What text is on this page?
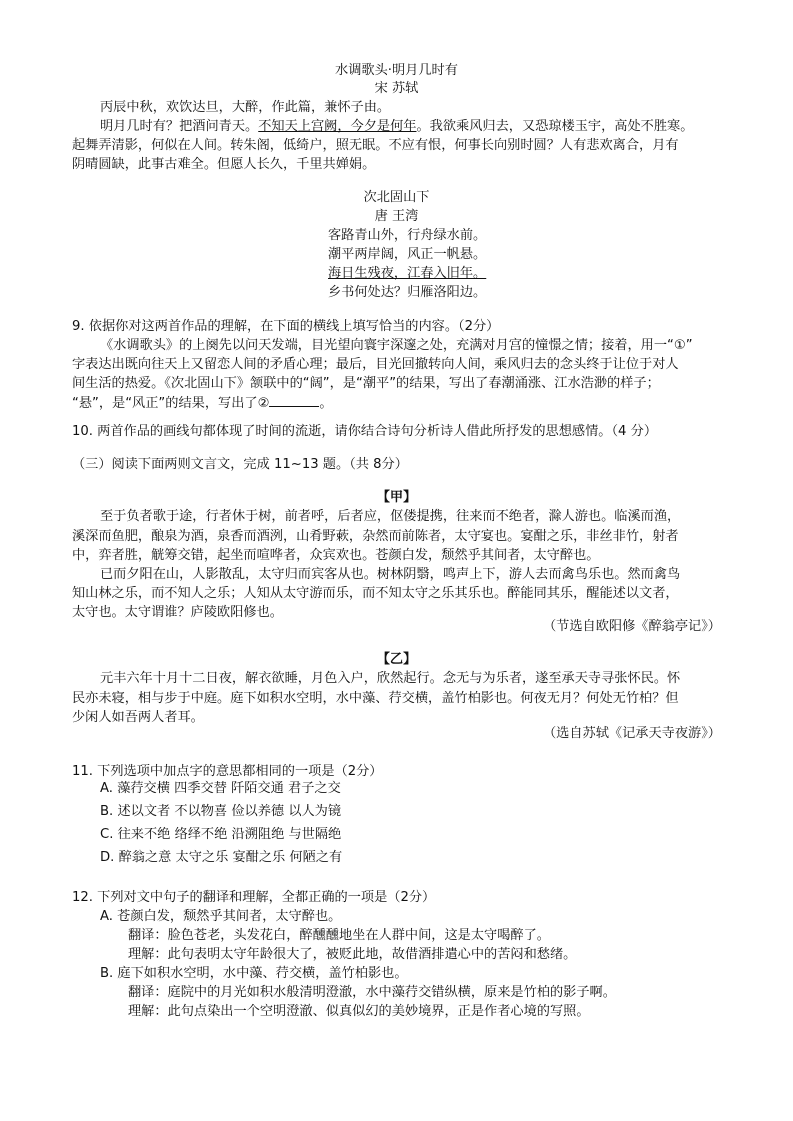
水调歌头·明月几时有
宋 苏轼
丙辰中秋，欢饮达旦，大醉，作此篇，兼怀子由。
明月几时有？把酒问青天。不知天上宫阙，今夕是何年。我欲乘风归去，又恐琼楼玉宇，高处不胜寒。
起舞弄清影，何似在人间。转朱阁，低绮户，照无眠。不应有恨，何事长向别时圆？人有悲欢离合，月有
阴晴圆缺，此事古难全。但愿人长久，千里共婵娟。
次北固山下
唐 王湾
客路青山外，行舟绿水前。
潮平两岸阔，风正一帆悬。
海日生残夜，江春入旧年。
乡书何处达？归雁洛阳边。
9. 依据你对这两首作品的理解，在下面的横线上填写恰当的内容。（2分）
《水调歌头》的上阕先以问天发端，目光望向寰宇深邃之处，充满对月宫的憧憬之情；接着，用一“①”
字表达出既向往天上又留恋人间的矛盾心理；最后，目光回撤转向人间，乘风归去的念头终于让位于对人
间生活的热爱。《次北固山下》颔联中的“阔”，是“潮平”的结果，写出了春潮涌涨、江水浩渺的样子；
“悬”，是“风正”的结果，写出了②	。
10. 两首作品的画线句都体现了时间的流逝，请你结合诗句分析诗人借此所抒发的思想感情。（4 分）
（三）阅读下面两则文言文，完成 11~13 题。（共 8分）
【甲】
至于负者歌于途，行者休于树，前者呼，后者应，伛偻提携，往来而不绝者，滁人游也。临溪而渔，
溪深而鱼肥，酿泉为酒，泉香而酒洌，山肴野蔌，杂然而前陈者，太守宴也。宴酣之乐，非丝非竹，射者
中，弈者胜，觥筹交错，起坐而喧哗者，众宾欢也。苍颜白发，颓然乎其间者，太守醉也。
已而夕阳在山，人影散乱，太守归而宾客从也。树林阴翳，鸣声上下，游人去而禽鸟乐也。然而禽鸟
知山林之乐，而不知人之乐；人知从太守游而乐，而不知太守之乐其乐也。醉能同其乐，醒能述以文者，
太守也。太守谓谁？庐陵欧阳修也。
（节选自欧阳修《醉翁亭记》）
【乙】
元丰六年十月十二日夜，解衣欲睡，月色入户，欣然起行。念无与为乐者，遂至承天寺寻张怀民。怀
民亦未寝，相与步于中庭。庭下如积水空明，水中藻、荇交横，盖竹柏影也。何夜无月？何处无竹柏？但
少闲人如吾两人者耳。
（选自苏轼《记承天寺夜游》）
11. 下列选项中加点字的意思都相同的一项是（2分）
A. 藻荇交横 四季交替 阡陌交通 君子之交
B. 述以文者 不以物喜 俭以养德 以人为镜
C. 往来不绝 络绎不绝 沿溯阻绝 与世隔绝
D. 醉翁之意 太守之乐 宴酣之乐 何陋之有
12. 下列对文中句子的翻译和理解，全都正确的一项是（2分）
A. 苍颜白发，颓然乎其间者，太守醉也。
翻译：脸色苍老，头发花白，醉醺醺地坐在人群中间，这是太守喝醉了。
理解：此句表明太守年龄很大了，被贬此地，故借酒排遣心中的苦闷和愁绪。
B. 庭下如积水空明，水中藻、荇交横，盖竹柏影也。
翻译：庭院中的月光如积水般清明澄澈，水中藻荇交错纵横，原来是竹柏的影子啊。
理解：此句点染出一个空明澄澈、似真似幻的美妙境界，正是作者心境的写照。
